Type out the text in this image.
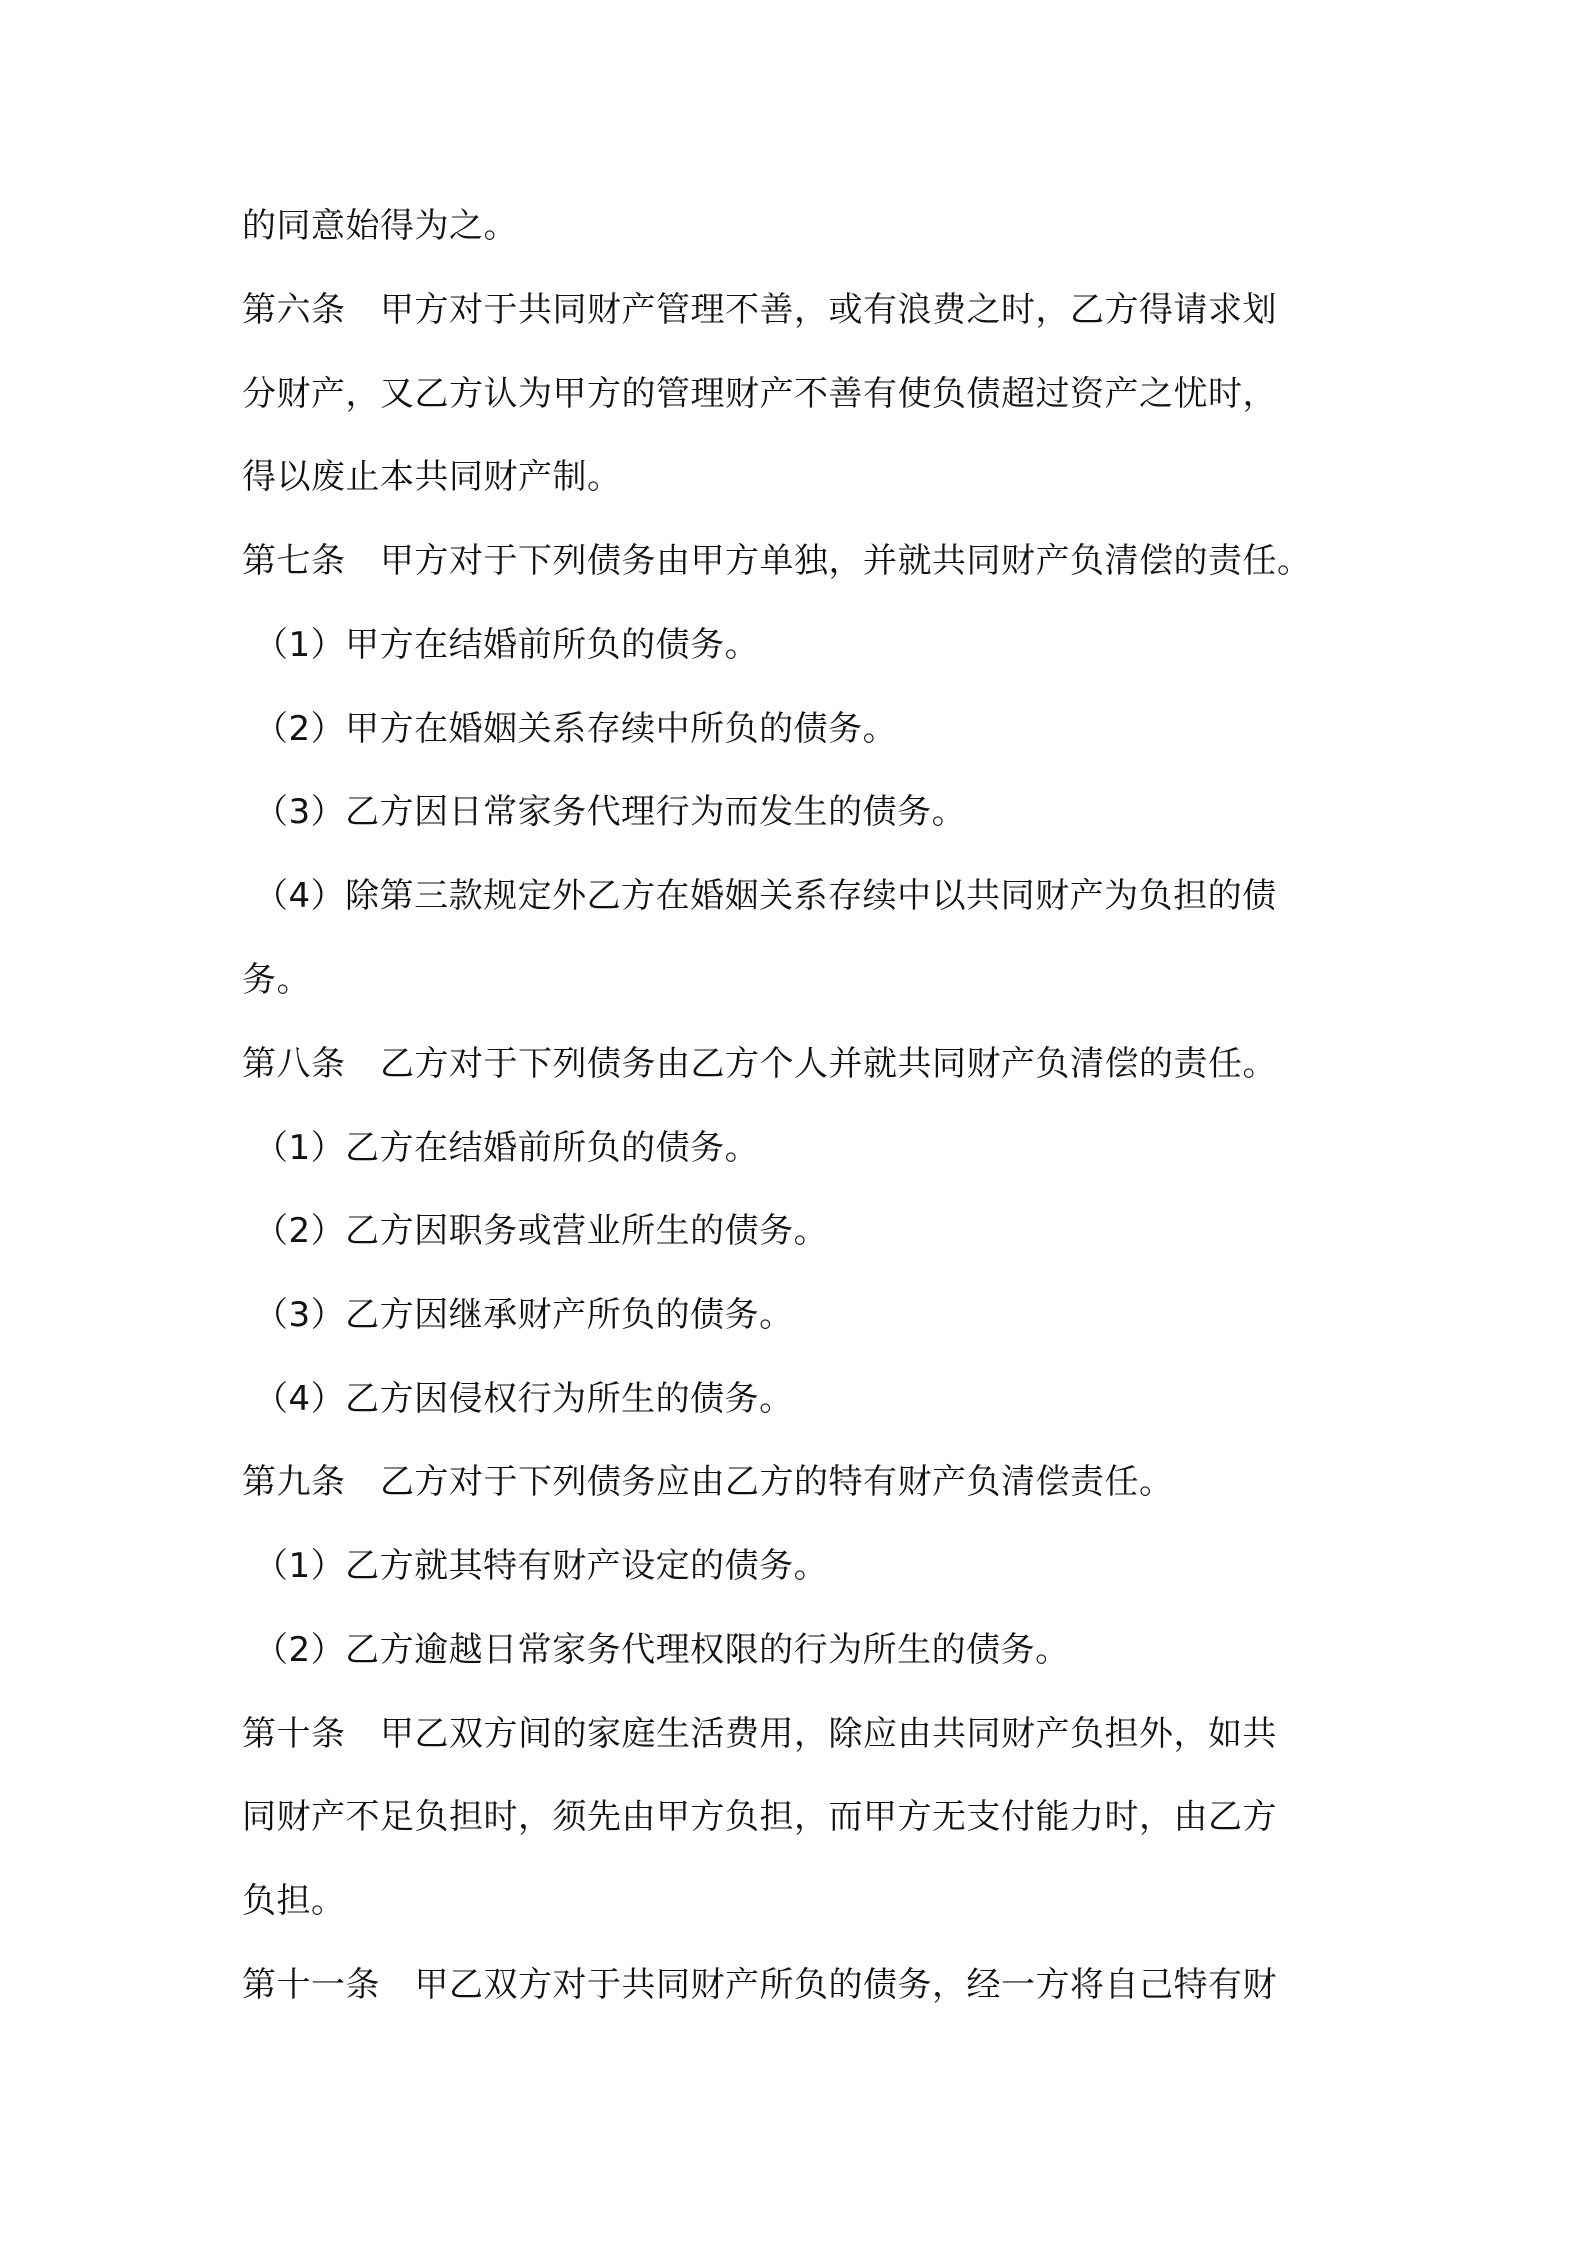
的同意始得为之。
第六条　甲方对于共同财产管理不善，或有浪费之时，乙方得请求划
分财产，又乙方认为甲方的管理财产不善有使负债超过资产之忧时，
得以废止本共同财产制。
第七条　甲方对于下列债务由甲方单独，并就共同财产负清偿的责任。
（1）甲方在结婚前所负的债务。
（2）甲方在婚姻关系存续中所负的债务。
（3）乙方因日常家务代理行为而发生的债务。
（4）除第三款规定外乙方在婚姻关系存续中以共同财产为负担的债
务。
第八条　乙方对于下列债务由乙方个人并就共同财产负清偿的责任。
（1）乙方在结婚前所负的债务。
（2）乙方因职务或营业所生的债务。
（3）乙方因继承财产所负的债务。
（4）乙方因侵权行为所生的债务。
第九条　乙方对于下列债务应由乙方的特有财产负清偿责任。
（1）乙方就其特有财产设定的债务。
（2）乙方逾越日常家务代理权限的行为所生的债务。
第十条　甲乙双方间的家庭生活费用，除应由共同财产负担外，如共
同财产不足负担时，须先由甲方负担，而甲方无支付能力时，由乙方
负担。
第十一条　甲乙双方对于共同财产所负的债务，经一方将自己特有财
